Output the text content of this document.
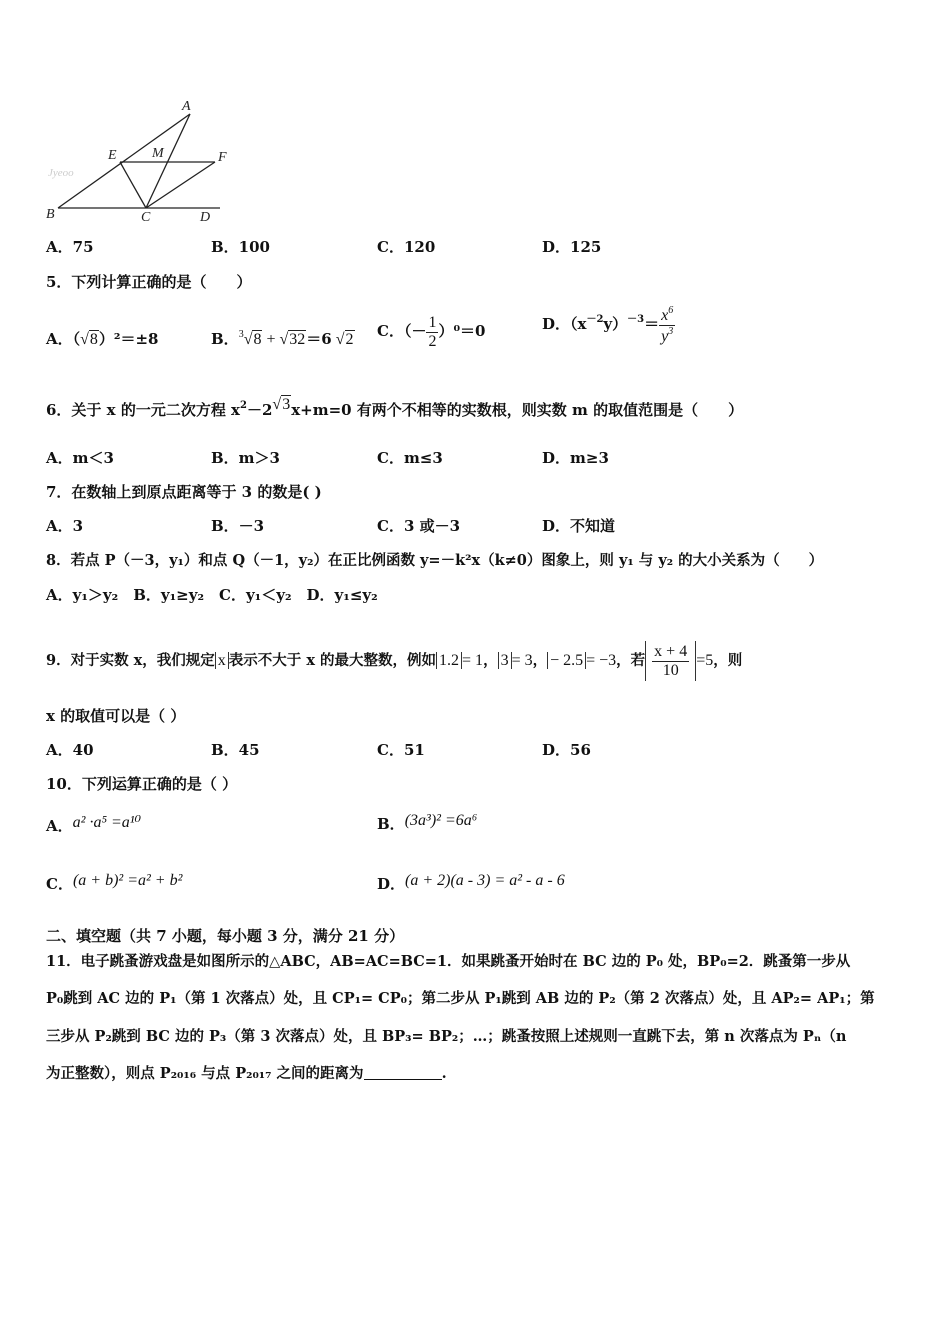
Jyeoo
A
E	M	F
B	C	D
A．75	B．100	C．120	D．125
5．下列计算正确的是（　　）
A．（√8）²＝±8	B．$^3$√8 + √32＝6 √2 C．（－ $\frac{1}{2} )^0=0$	D．$(x^{-2}y)^{-3}= \frac{x^6}{y^3}$
6．关于 x 的一元二次方程 $x^2-2√3x+m=0$ 有两个不相等的实数根，则实数 m 的取值范围是（　　）
A．m＜3	B．m＞3	C．m≤3	D．m≥3
7．在数轴上到原点距离等于 3 的数是( )
A．3	B．－3	C．3 或－3	D．不知道
8．若点 P（－3，y₁）和点 Q（－1，y₂）在正比例函数 y=－k²x（k≠0）图象上，则 y₁ 与 y₂ 的大小关系为（　　）
A．y₁＞y₂　B．y₁≥y₂　C．y₁＜y₂　D．y₁≤y₂
9．对于实数 x，我们规定 x 表示不大于 x 的最大整数，例如 1.2 = 1， 3 = 3， − 2.5 = −3，若 $\frac{x + 4}{10} =5$，则
x 的取值可以是（ ）
A．40	B．45	C．51	D．56
10．下列运算正确的是（ ）
A．a² ·a⁵ =a¹⁰	B．(3a³)² =6a⁶
C．(a + b)² =a² + b²	D．(a + 2)(a - 3) = a² - a - 6
二、填空题（共 7 小题，每小题 3 分，满分 21 分）
11．电子跳蚤游戏盘是如图所示的△ABC，AB=AC=BC=1．如果跳蚤开始时在 BC 边的 P₀ 处，BP₀=2．跳蚤第一步从
P₀跳到 AC 边的 P₁（第 1 次落点）处，且 CP₁= CP₀；第二步从 P₁跳到 AB 边的 P₂（第 2 次落点）处，且 AP₂= AP₁；第
三步从 P₂跳到 BC 边的 P₃（第 3 次落点）处，且 BP₃= BP₂；…；跳蚤按照上述规则一直跳下去，第 n 次落点为 Pₙ（n
为正整数），则点 P₂₀₁₆ 与点 P₂₀₁₇ 之间的距离为	.
